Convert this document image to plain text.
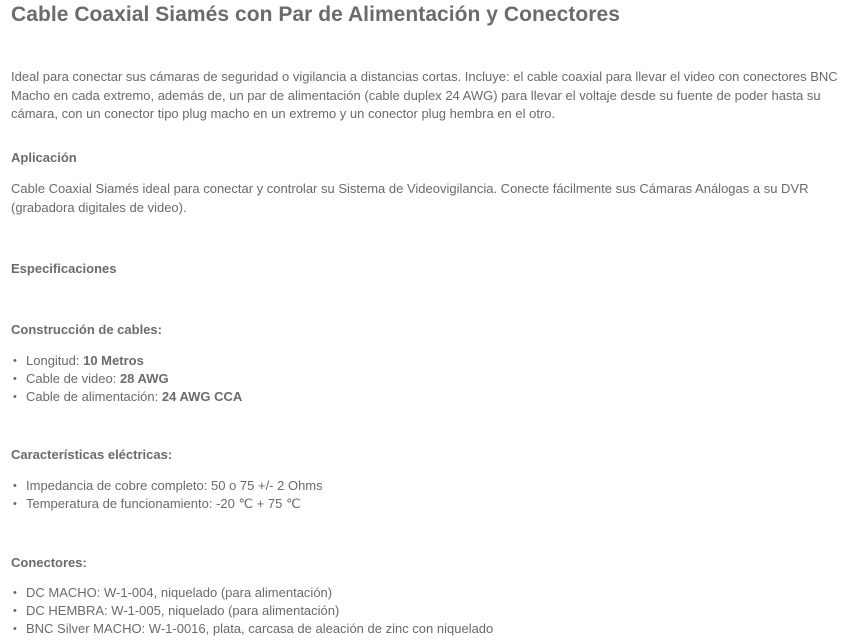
Cable Coaxial Siamés con Par de Alimentación y Conectores

Ideal para conectar sus cámaras de seguridad o vigilancia a distancias cortas. Incluye: el cable coaxial para llevar el video con conectores BNC Macho en cada extremo, además de, un par de alimentación (cable duplex 24 AWG) para llevar el voltaje desde su fuente de poder hasta su cámara, con un conector tipo plug macho en un extremo y un conector plug hembra en el otro.

Aplicación

Cable Coaxial Siamés ideal para conectar y controlar su Sistema de Videovigilancia. Conecte fácilmente sus Cámaras Análogas a su DVR (grabadora digitales de video).

Especificaciones
Construcción de cables:
• Longitud: 10 Metros
• Cable de video: 28 AWG
• Cable de alimentación: 24 AWG CCA
Características eléctricas:
• Impedancia de cobre completo: 50 o 75 +/- 2 Ohms
• Temperatura de funcionamiento: -20 ℃ + 75 ℃
Conectores:
• DC MACHO: W-1-004, niquelado (para alimentación)
• DC HEMBRA: W-1-005, niquelado (para alimentación)
• BNC Silver MACHO: W-1-0016, plata, carcasa de aleación de zinc con niquelado
